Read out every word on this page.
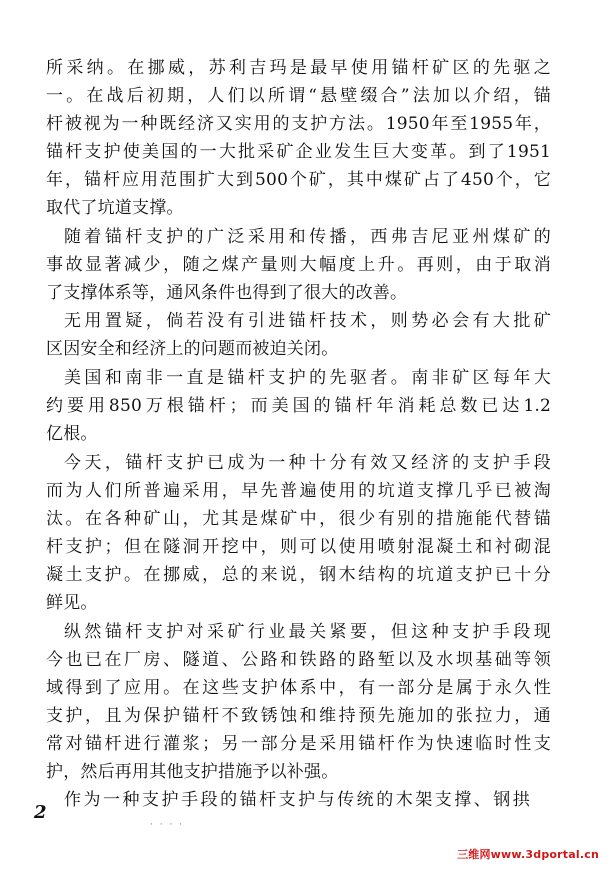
所采纳。在挪威，苏利吉玛是最早使用锚杆矿区的先驱之
一。在战后初期，人们以所谓“悬壁缀合”法加以介绍，锚
杆被视为一种既经济又实用的支护方法。1950年至1955年，
锚杆支护使美国的一大批采矿企业发生巨大变革。到了1951
年，锚杆应用范围扩大到500个矿，其中煤矿占了450个，它
取代了坑道支撑。
随着锚杆支护的广泛采用和传播，西弗吉尼亚州煤矿的
事故显著减少，随之煤产量则大幅度上升。再则，由于取消
了支撑体系等，通风条件也得到了很大的改善。
无用置疑，倘若没有引进锚杆技术，则势必会有大批矿
区因安全和经济上的问题而被迫关闭。
美国和南非一直是锚杆支护的先驱者。南非矿区每年大
约要用850万根锚杆；而美国的锚杆年消耗总数已达1.2
亿根。
今天，锚杆支护已成为一种十分有效又经济的支护手段
而为人们所普遍采用，早先普遍使用的坑道支撑几乎已被淘
汰。在各种矿山，尤其是煤矿中，很少有别的措施能代替锚
杆支护；但在隧洞开挖中，则可以使用喷射混凝土和衬砌混
凝土支护。在挪威，总的来说，钢木结构的坑道支护已十分
鲜见。
纵然锚杆支护对采矿行业最关紧要，但这种支护手段现
今也已在厂房、隧道、公路和铁路的路堑以及水坝基础等领
域得到了应用。在这些支护体系中，有一部分是属于永久性
支护，且为保护锚杆不致锈蚀和维持预先施加的张拉力，通
常对锚杆进行灌浆；另一部分是采用锚杆作为快速临时性支
护，然后再用其他支护措施予以补强。
作为一种支护手段的锚杆支护与传统的木架支撑、钢拱
2
· · · ·
三维网www.3dportal.cn
